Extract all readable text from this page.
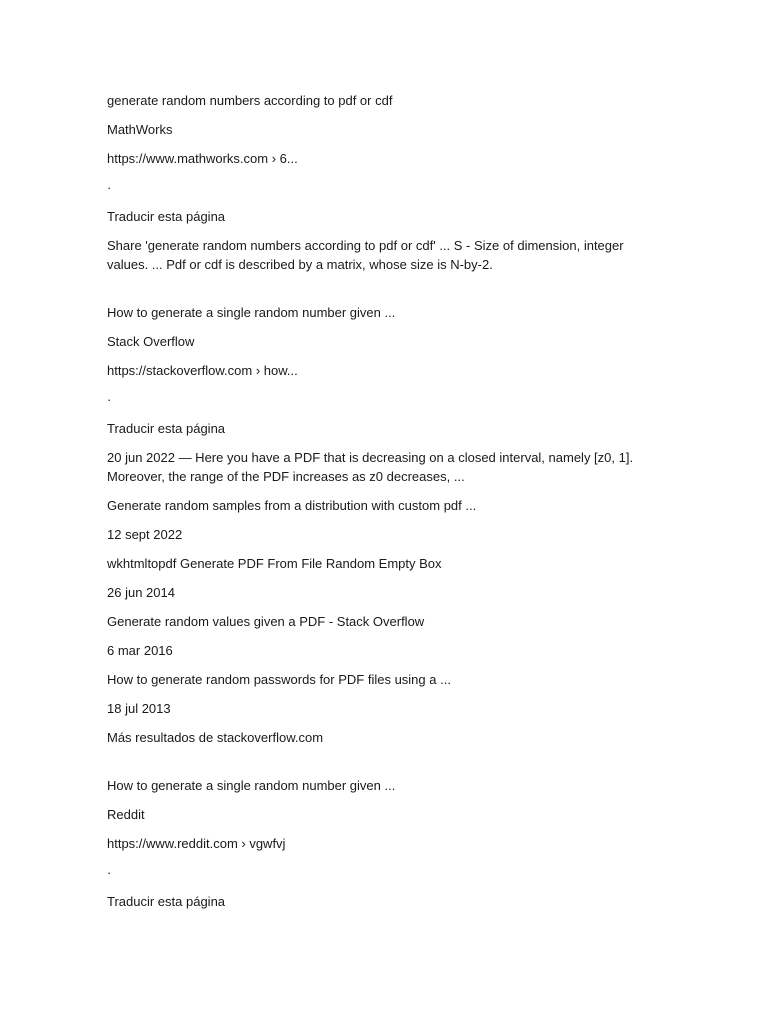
generate random numbers according to pdf or cdf
MathWorks
https://www.mathworks.com › 6...
·
Traducir esta página
Share 'generate random numbers according to pdf or cdf' ... S - Size of dimension, integer values. ... Pdf or cdf is described by a matrix, whose size is N-by-2.
How to generate a single random number given ...
Stack Overflow
https://stackoverflow.com › how...
·
Traducir esta página
20 jun 2022 — Here you have a PDF that is decreasing on a closed interval, namely [z0, 1]. Moreover, the range of the PDF increases as z0 decreases, ...
Generate random samples from a distribution with custom pdf ...
12 sept 2022
wkhtmltopdf Generate PDF From File Random Empty Box
26 jun 2014
Generate random values given a PDF - Stack Overflow
6 mar 2016
How to generate random passwords for PDF files using a ...
18 jul 2013
Más resultados de stackoverflow.com
How to generate a single random number given ...
Reddit
https://www.reddit.com › vgwfvj
·
Traducir esta página
